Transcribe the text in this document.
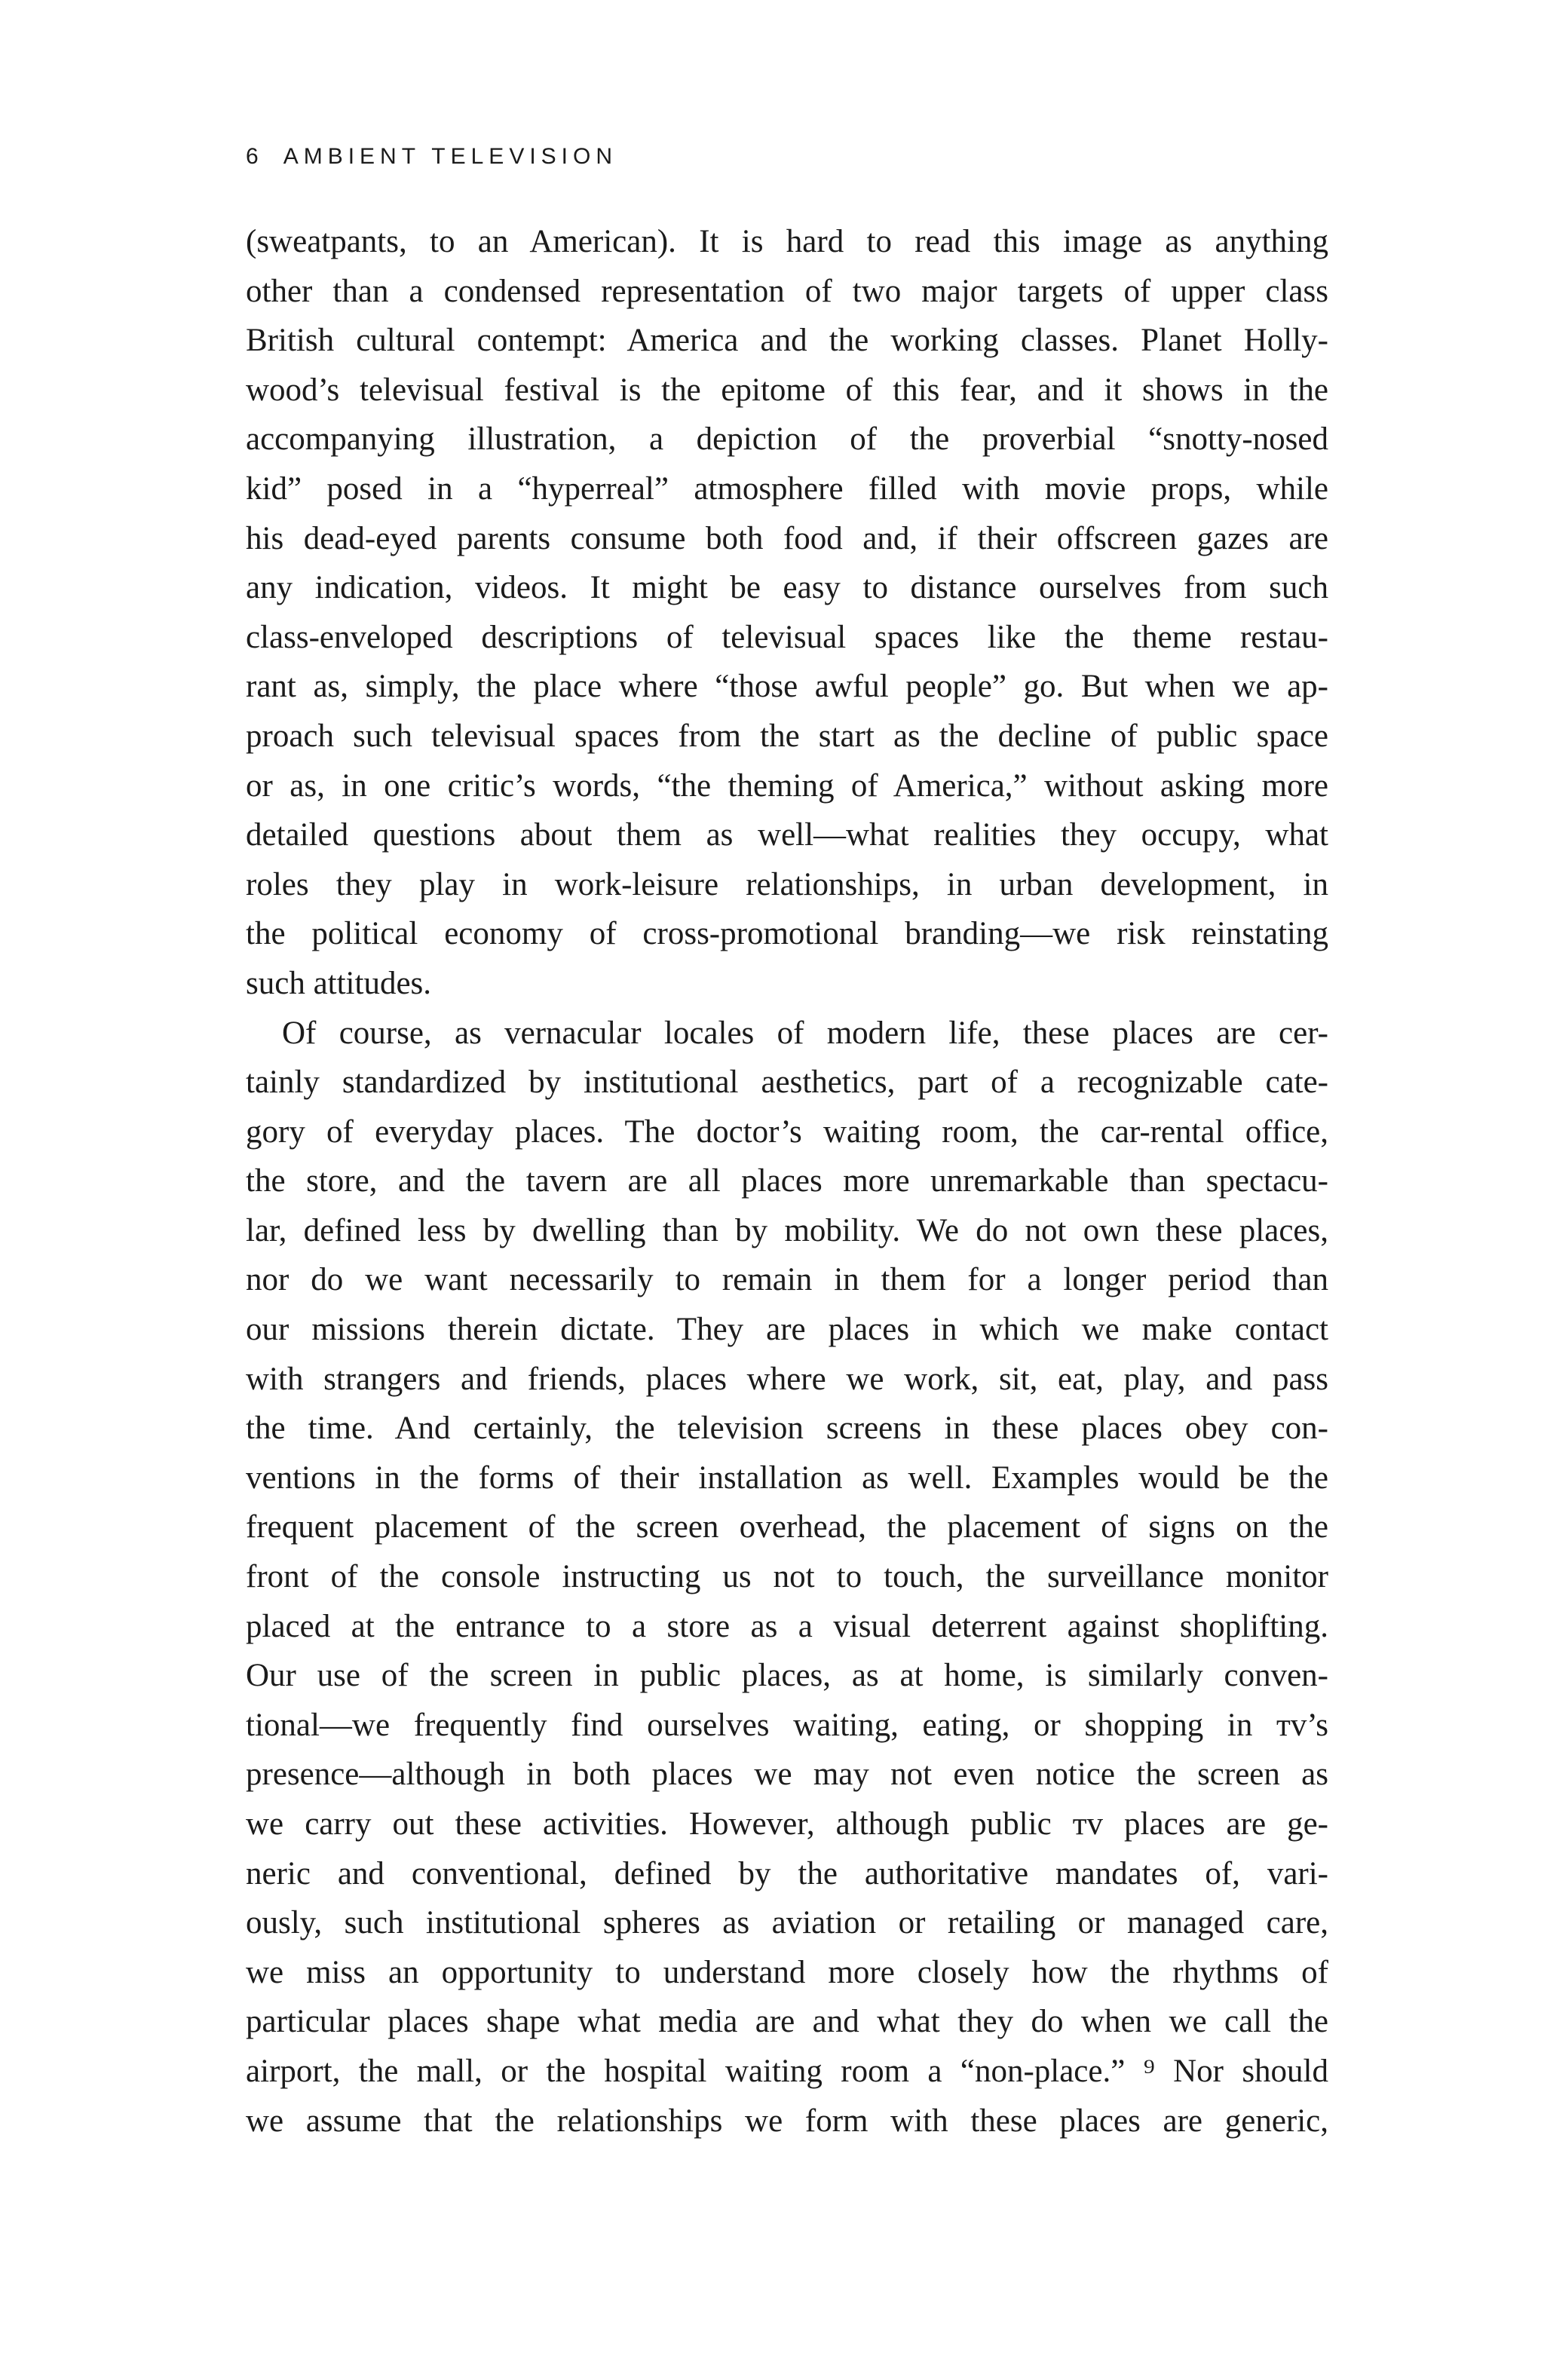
6 AMBIENT TELEVISION
(sweatpants, to an American). It is hard to read this image as anything
other than a condensed representation of two major targets of upper class
British cultural contempt: America and the working classes. Planet Holly-
wood’s televisual festival is the epitome of this fear, and it shows in the
accompanying illustration, a depiction of the proverbial “snotty-nosed
kid” posed in a “hyperreal” atmosphere filled with movie props, while
his dead-eyed parents consume both food and, if their offscreen gazes are
any indication, videos. It might be easy to distance ourselves from such
class-enveloped descriptions of televisual spaces like the theme restau-
rant as, simply, the place where “those awful people” go. But when we ap-
proach such televisual spaces from the start as the decline of public space
or as, in one critic’s words, “the theming of America,” without asking more
detailed questions about them as well—what realities they occupy, what
roles they play in work-leisure relationships, in urban development, in
the political economy of cross-promotional branding—we risk reinstating
such attitudes.
Of course, as vernacular locales of modern life, these places are cer-
tainly standardized by institutional aesthetics, part of a recognizable cate-
gory of everyday places. The doctor’s waiting room, the car-rental office,
the store, and the tavern are all places more unremarkable than spectacu-
lar, defined less by dwelling than by mobility. We do not own these places,
nor do we want necessarily to remain in them for a longer period than
our missions therein dictate. They are places in which we make contact
with strangers and friends, places where we work, sit, eat, play, and pass
the time. And certainly, the television screens in these places obey con-
ventions in the forms of their installation as well. Examples would be the
frequent placement of the screen overhead, the placement of signs on the
front of the console instructing us not to touch, the surveillance monitor
placed at the entrance to a store as a visual deterrent against shoplifting.
Our use of the screen in public places, as at home, is similarly conven-
tional—we frequently find ourselves waiting, eating, or shopping in ᴛᴠ’s
presence—although in both places we may not even notice the screen as
we carry out these activities. However, although public ᴛᴠ places are ge-
neric and conventional, defined by the authoritative mandates of, vari-
ously, such institutional spheres as aviation or retailing or managed care,
we miss an opportunity to understand more closely how the rhythms of
particular places shape what media are and what they do when we call the
airport, the mall, or the hospital waiting room a “non-place.” ⁹ Nor should
we assume that the relationships we form with these places are generic,
